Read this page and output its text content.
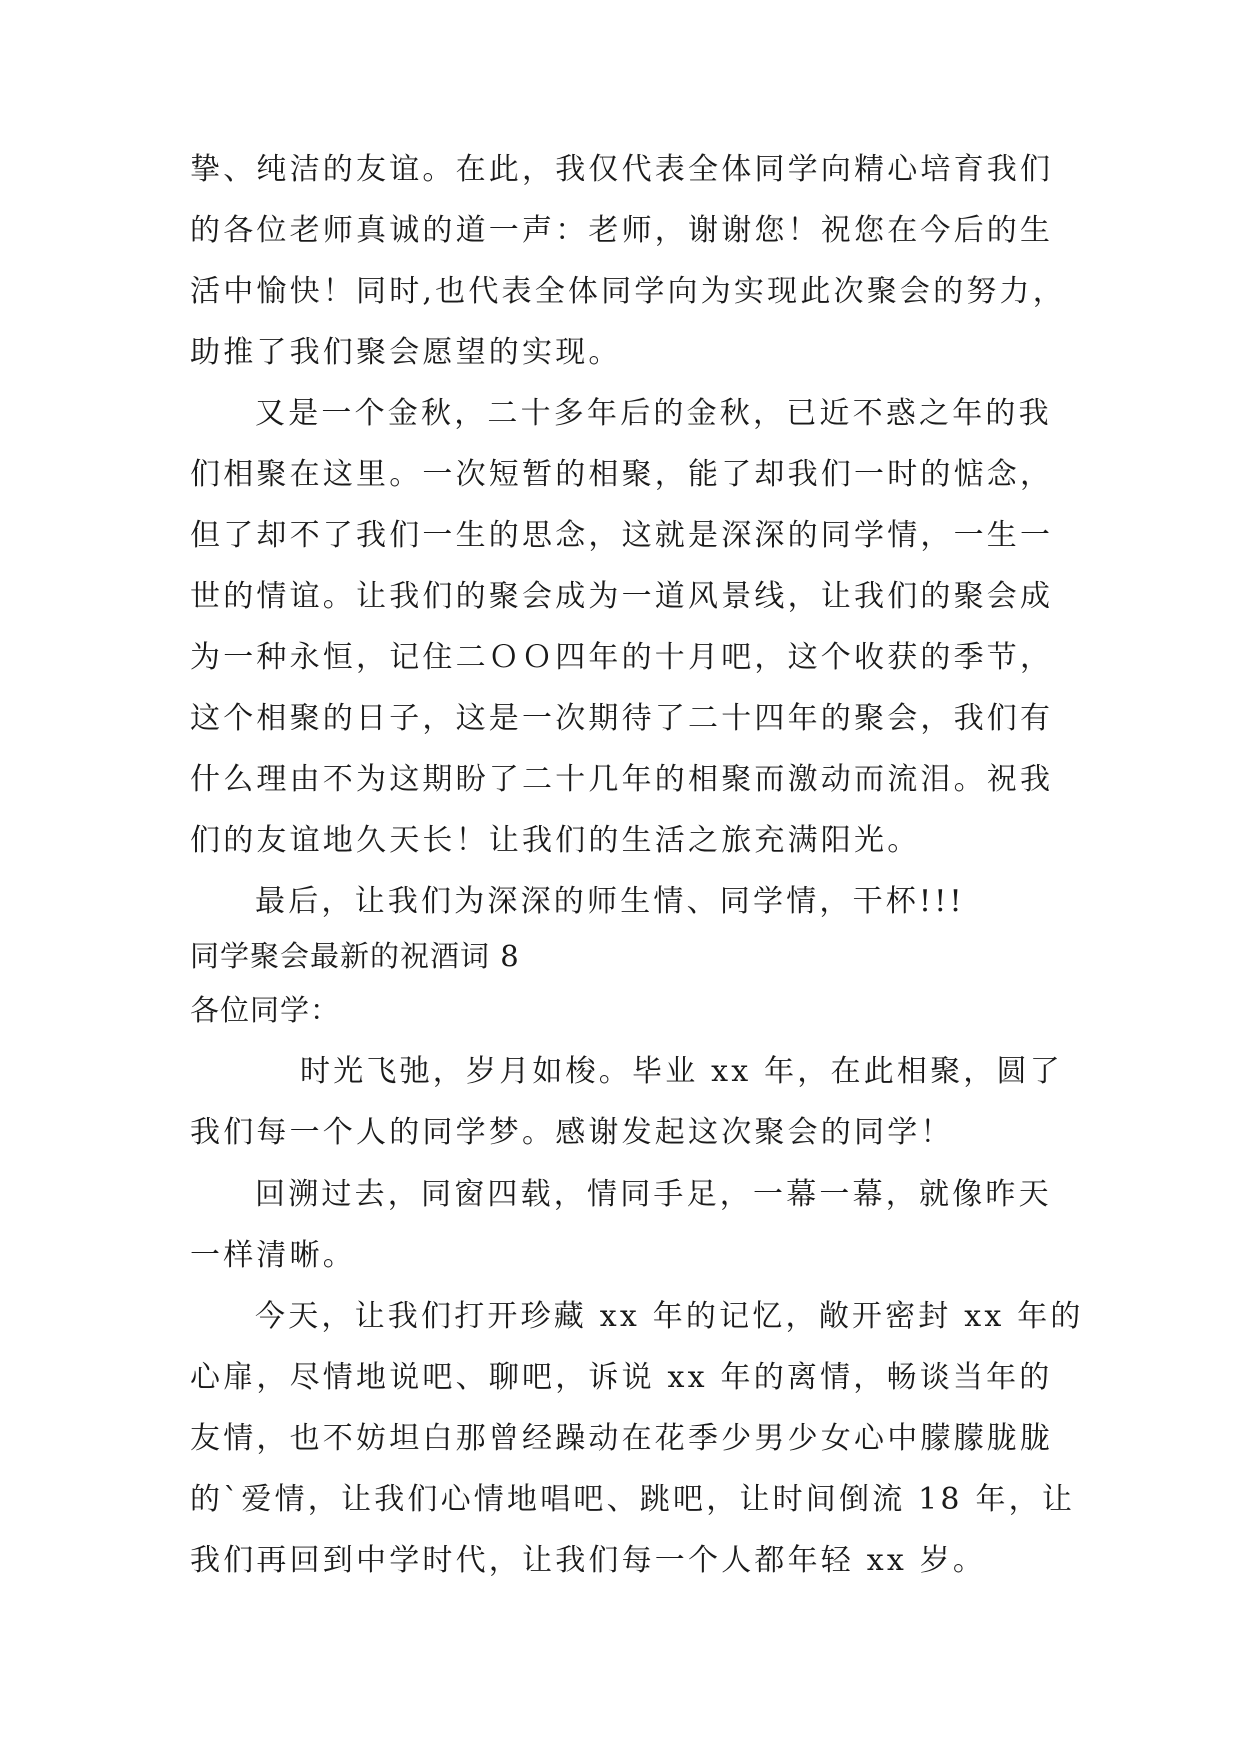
挚、纯洁的友谊。在此，我仅代表全体同学向精心培育我们
的各位老师真诚的道一声：老师，谢谢您！祝您在今后的生
活中愉快！同时,也代表全体同学向为实现此次聚会的努力，
助推了我们聚会愿望的实现。
又是一个金秋，二十多年后的金秋，已近不惑之年的我
们相聚在这里。一次短暂的相聚，能了却我们一时的惦念，
但了却不了我们一生的思念，这就是深深的同学情，一生一
世的情谊。让我们的聚会成为一道风景线，让我们的聚会成
为一种永恒，记住二ＯＯ四年的十月吧，这个收获的季节，
这个相聚的日子，这是一次期待了二十四年的聚会，我们有
什么理由不为这期盼了二十几年的相聚而激动而流泪。祝我
们的友谊地久天长！让我们的生活之旅充满阳光。
最后，让我们为深深的师生情、同学情，干杯!!!
同学聚会最新的祝酒词 8
各位同学：
时光飞弛，岁月如梭。毕业 xx 年，在此相聚，圆了
我们每一个人的同学梦。感谢发起这次聚会的同学！
回溯过去，同窗四载，情同手足，一幕一幕，就像昨天
一样清晰。
今天，让我们打开珍藏 xx 年的记忆，敞开密封 xx 年的
心扉，尽情地说吧、聊吧，诉说 xx 年的离情，畅谈当年的
友情，也不妨坦白那曾经躁动在花季少男少女心中朦朦胧胧
的`爱情，让我们心情地唱吧、跳吧，让时间倒流 18 年，让
我们再回到中学时代，让我们每一个人都年轻 xx 岁。
